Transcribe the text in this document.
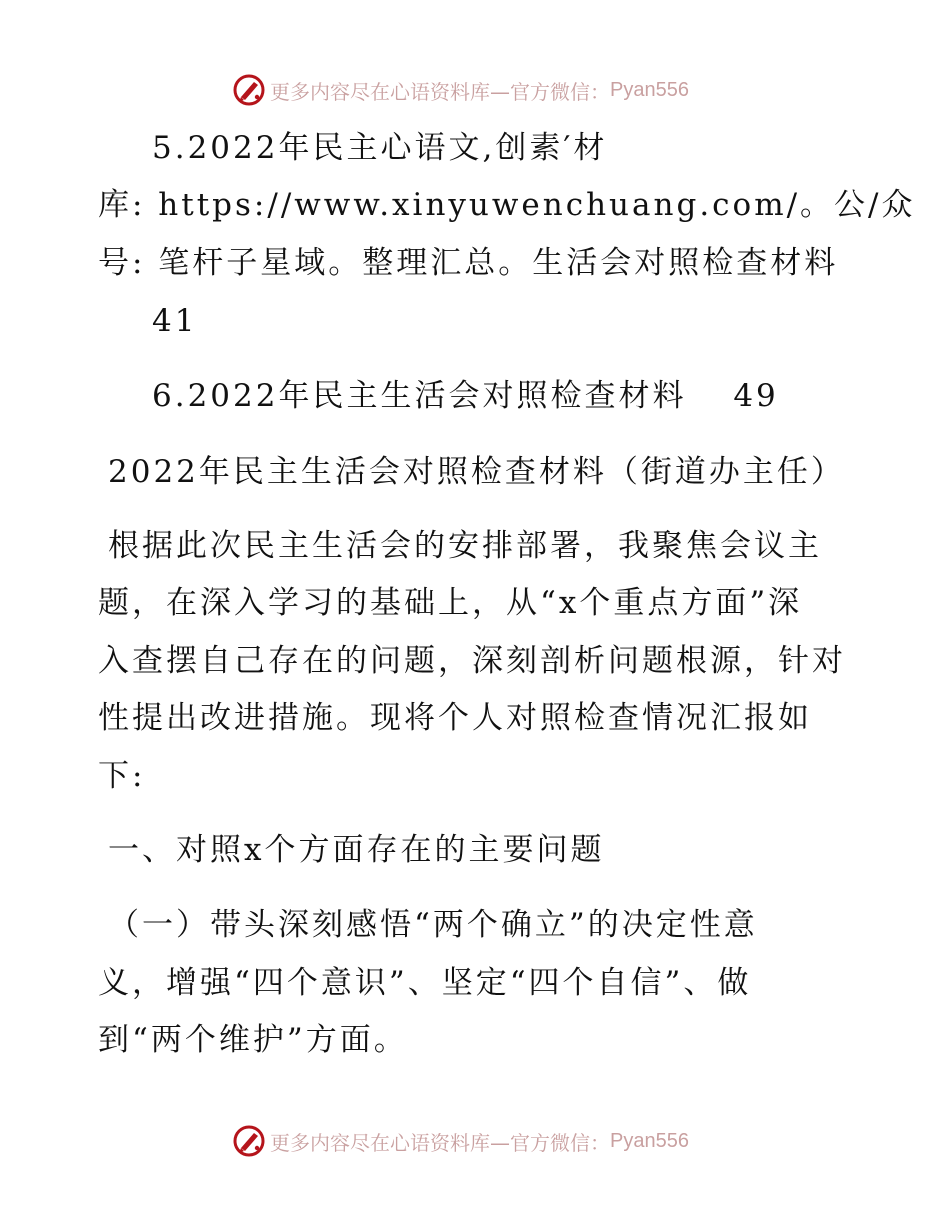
更多内容尽在心语资料库—官方微信： Pyan556
5.2022年民主心语文,创素′材
库: https://www.xinyuwenchuang.com/。公/众
号: 笔杆子星域。整理汇总。生活会对照检查材料
41
6.2022年民主生活会对照检查材料　 49
2022年民主生活会对照检查材料（街道办主任）
根据此次民主生活会的安排部署，我聚焦会议主
题，在深入学习的基础上，从“x个重点方面”深
入查摆自己存在的问题，深刻剖析问题根源，针对
性提出改进措施。现将个人对照检查情况汇报如
下:
一、对照x个方面存在的主要问题
（一）带头深刻感悟“两个确立”的决定性意
义，增强“四个意识”、坚定“四个自信”、做
到“两个维护”方面。
更多内容尽在心语资料库—官方微信： Pyan556
